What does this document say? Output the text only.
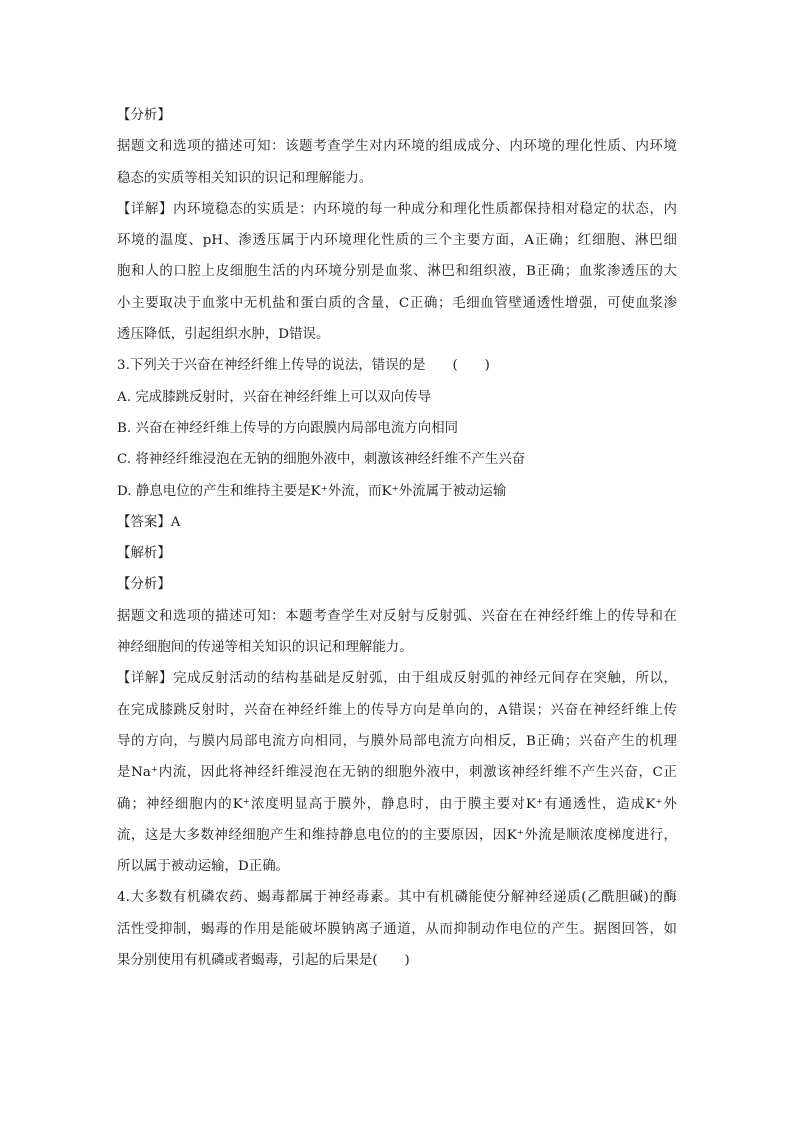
【分析】
据题文和选项的描述可知：该题考查学生对内环境的组成成分、内环境的理化性质、内环境
稳态的实质等相关知识的识记和理解能力。
【详解】内环境稳态的实质是：内环境的每一种成分和理化性质都保持相对稳定的状态，内
环境的温度、pH、渗透压属于内环境理化性质的三个主要方面，A正确；红细胞、淋巴细
胞和人的口腔上皮细胞生活的内环境分别是血浆、淋巴和组织液，B正确；血浆渗透压的大
小主要取决于血浆中无机盐和蛋白质的含量，C正确；毛细血管壁通透性增强，可使血浆渗
透压降低，引起组织水肿，D错误。
3.下列关于兴奋在神经纤维上传导的说法，错误的是　　(　　)
A. 完成膝跳反射时，兴奋在神经纤维上可以双向传导
B. 兴奋在神经纤维上传导的方向跟膜内局部电流方向相同
C. 将神经纤维浸泡在无钠的细胞外液中，刺激该神经纤维不产生兴奋
D. 静息电位的产生和维持主要是K⁺外流，而K⁺外流属于被动运输
【答案】A
【解析】
【分析】
据题文和选项的描述可知：本题考查学生对反射与反射弧、兴奋在在神经纤维上的传导和在
神经细胞间的传递等相关知识的识记和理解能力。
【详解】完成反射活动的结构基础是反射弧，由于组成反射弧的神经元间存在突触，所以，
在完成膝跳反射时，兴奋在神经纤维上的传导方向是单向的，A错误；兴奋在神经纤维上传
导的方向，与膜内局部电流方向相同，与膜外局部电流方向相反，B正确；兴奋产生的机理
是Na⁺内流，因此将神经纤维浸泡在无钠的细胞外液中，刺激该神经纤维不产生兴奋，C正
确；神经细胞内的K⁺浓度明显高于膜外，静息时，由于膜主要对K⁺有通透性，造成K⁺外
流，这是大多数神经细胞产生和维持静息电位的的主要原因，因K⁺外流是顺浓度梯度进行，
所以属于被动运输，D正确。
4.大多数有机磷农药、蝎毒都属于神经毒素。其中有机磷能使分解神经递质(乙酰胆碱)的酶
活性受抑制，蝎毒的作用是能破坏膜钠离子通道，从而抑制动作电位的产生。据图回答，如
果分别使用有机磷或者蝎毒，引起的后果是(　　)
